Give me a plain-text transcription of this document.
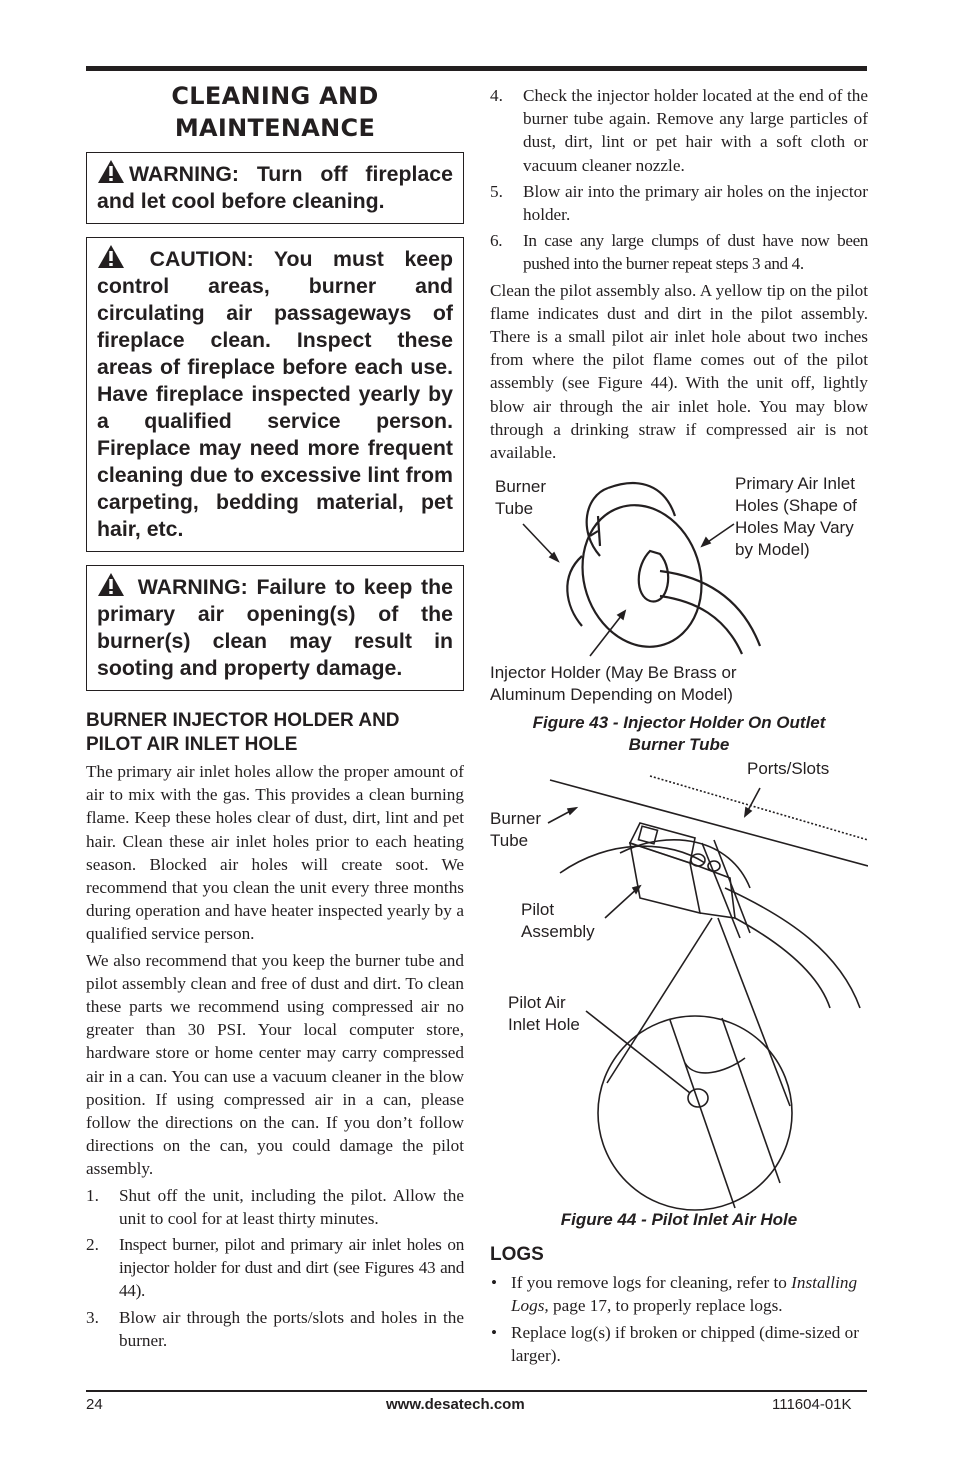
CLEANING AND
MAINTENANCE
WARNING: Turn off fireplace and let cool before cleaning.
CAUTION: You must keep control areas, burner and circulating air passageways of fireplace clean. Inspect these areas of fireplace before each use. Have fireplace inspected yearly by a qualified service person. Fireplace may need more frequent cleaning due to excessive lint from carpeting, bedding material, pet hair, etc.
WARNING: Failure to keep the primary air opening(s) of the burner(s) clean may result in sooting and property damage.
BURNER INJECTOR HOLDER AND
PILOT AIR INLET HOLE

The primary air inlet holes allow the proper amount of air to mix with the gas. This provides a clean burning flame. Keep these holes clear of dust, dirt, lint and pet hair. Clean these air inlet holes prior to each heating season. Blocked air holes will create soot. We recommend that you clean the unit every three months during operation and have heater inspected yearly by a qualified service person.

We also recommend that you keep the burner tube and pilot assembly clean and free of dust and dirt. To clean these parts we recommend using compressed air no greater than 30 PSI. Your local computer store, hardware store or home center may carry compressed air in a can. You can use a vacuum cleaner in the blow position. If using compressed air in a can, please follow the directions on the can. If you don’t follow directions on the can, you could damage the pilot assembly.

1. Shut off the unit, including the pilot. Allow the unit to cool for at least thirty minutes.
2. Inspect burner, pilot and primary air inlet holes on injector holder for dust and dirt (see Figures 43 and 44).
3. Blow air through the ports/slots and holes in the burner.
4. Check the injector holder located at the end of the burner tube again. Remove any large particles of dust, dirt, lint or pet hair with a soft cloth or vacuum cleaner nozzle.
5. Blow air into the primary air holes on the injector holder.
6. In case any large clumps of dust have now been pushed into the burner repeat steps 3 and 4.

Clean the pilot assembly also. A yellow tip on the pilot flame indicates dust and dirt in the pilot assembly. There is a small pilot air inlet hole about two inches from where the pilot flame comes out of the pilot assembly (see Figure 44). With the unit off, lightly blow air through the air inlet hole. You may blow through a drinking straw if compressed air is not available.

Burner
Tube
Primary Air Inlet
Holes (Shape of
Holes May Vary
by Model)
Injector Holder (May Be Brass or
Aluminum Depending on Model)
Figure 43 - Injector Holder On Outlet
Burner Tube
Ports/Slots
Burner
Tube
Pilot
Assembly
Pilot Air
Inlet Hole
Figure 44 - Pilot Inlet Air Hole
LOGS
• If you remove logs for cleaning, refer to Installing Logs, page 17, to properly replace logs.
• Replace log(s) if broken or chipped (dime-sized or larger).
24	www.desatech.com	111604-01K
